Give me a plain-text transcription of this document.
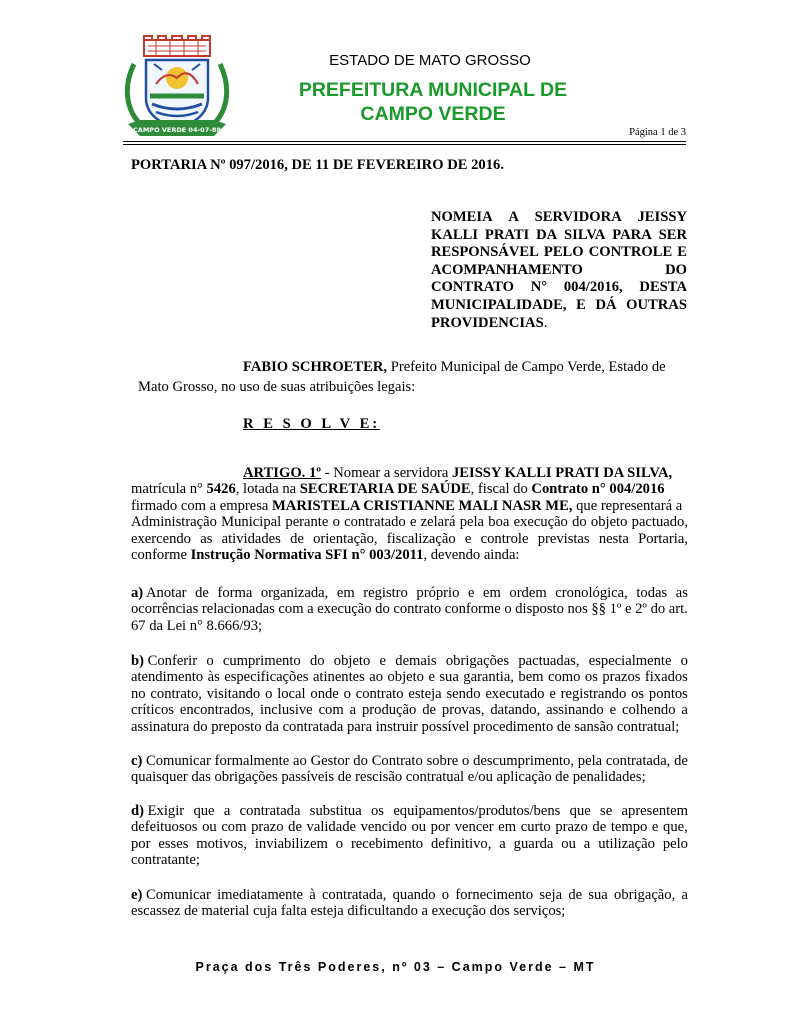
CAMPO VERDE 04-07-88
ESTADO DE MATO GROSSO
PREFEITURA MUNICIPAL DE
CAMPO VERDE
Página 1 de 3
PORTARIA Nº 097/2016, DE 11 DE FEVEREIRO DE 2016.
NOMEIA A SERVIDORA JEISSY
KALLI PRATI DA SILVA PARA SER
RESPONSÁVEL PELO CONTROLE E
ACOMPANHAMENTO	DO
CONTRATO N° 004/2016, DESTA
MUNICIPALIDADE, E DÁ OUTRAS
PROVIDENCIAS .
FABIO SCHROETER, Prefeito Municipal de Campo Verde, Estado de
Mato Grosso, no uso de suas atribuições legais:
R E S O L V E:
ARTIGO. 1º - Nomear a servidora JEISSY KALLI PRATI DA SILVA,
matrícula n° 5426, lotada na SECRETARIA DE SAÚDE, fiscal do Contrato n° 004/2016
firmado com a empresa MARISTELA CRISTIANNE MALI NASR ME, que representará a
Administração Municipal perante o contratado e zelará pela boa execução do objeto pactuado,
exercendo as atividades de orientação, fiscalização e controle previstas nesta Portaria,
conforme Instrução Normativa SFI n° 003/2011, devendo ainda:
a) Anotar de forma organizada, em registro próprio e em ordem cronológica, todas as
ocorrências relacionadas com a execução do contrato conforme o disposto nos §§ 1º e 2º do art.
67 da Lei n° 8.666/93;
b) Conferir o cumprimento do objeto e demais obrigações pactuadas, especialmente o
atendimento às especificações atinentes ao objeto e sua garantia, bem como os prazos fixados
no contrato, visitando o local onde o contrato esteja sendo executado e registrando os pontos
críticos encontrados, inclusive com a produção de provas, datando, assinando e colhendo a
assinatura do preposto da contratada para instruir possível procedimento de sansão contratual;
c) Comunicar formalmente ao Gestor do Contrato sobre o descumprimento, pela contratada, de
quaisquer das obrigações passíveis de rescisão contratual e/ou aplicação de penalidades;
d) Exigir que a contratada substitua os equipamentos/produtos/bens que se apresentem
defeituosos ou com prazo de validade vencido ou por vencer em curto prazo de tempo e que,
por esses motivos, inviabilizem o recebimento definitivo, a guarda ou a utilização pelo
contratante;
e) Comunicar imediatamente à contratada, quando o fornecimento seja de sua obrigação, a
escassez de material cuja falta esteja dificultando a execução dos serviços;
Praça dos Três Poderes, nº 03 – Campo Verde – MT
